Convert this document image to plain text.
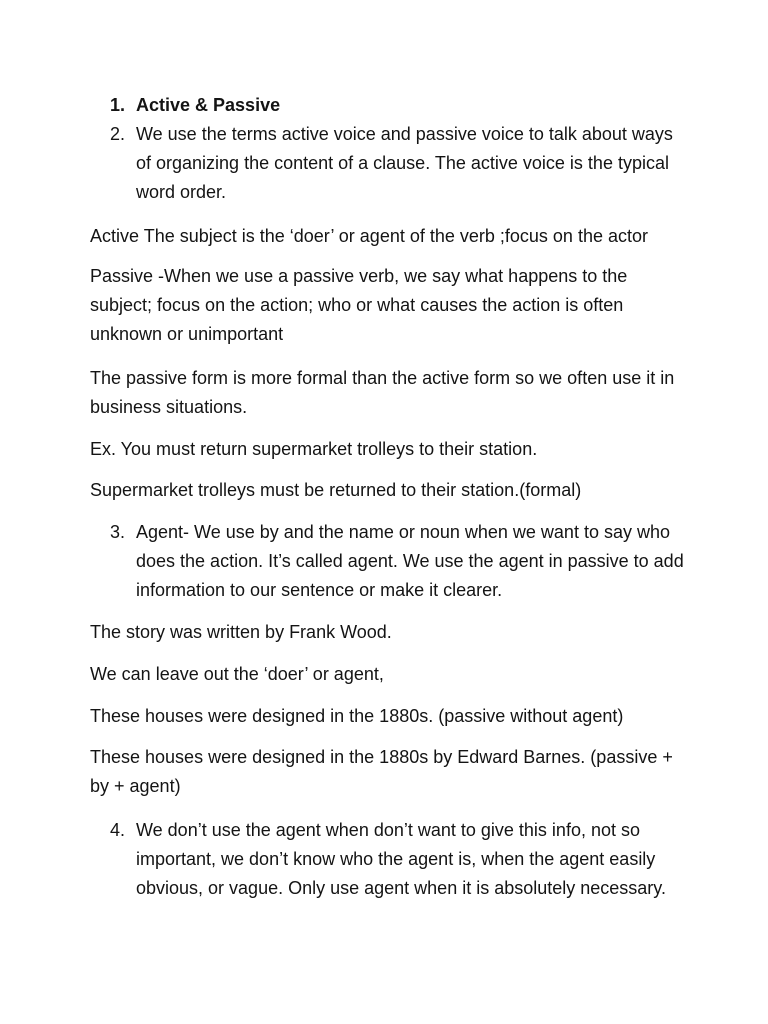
1. Active & Passive
2. We use the terms active voice and passive voice to talk about ways of organizing the content of a clause. The active voice is the typical word order.

Active The subject is the ‘doer’ or agent of the verb ;focus on the actor

Passive -When we use a passive verb, we say what happens to the subject; focus on the action; who or what causes the action is often unknown or unimportant

The passive form is more formal than the active form so we often use it in business situations.

Ex. You must return supermarket trolleys to their station.

Supermarket trolleys must be returned to their station.(formal)

3. Agent- We use by and the name or noun when we want to say who does the action. It’s called agent. We use the agent in passive to add information to our sentence or make it clearer.

The story was written by Frank Wood.

We can leave out the ‘doer’ or agent,

These houses were designed in the 1880s. (passive without agent)

These houses were designed in the 1880s by Edward Barnes. (passive + by + agent)

4. We don’t use the agent when don’t want to give this info, not so important, we don’t know who the agent is, when the agent easily obvious, or vague. Only use agent when it is absolutely necessary.
